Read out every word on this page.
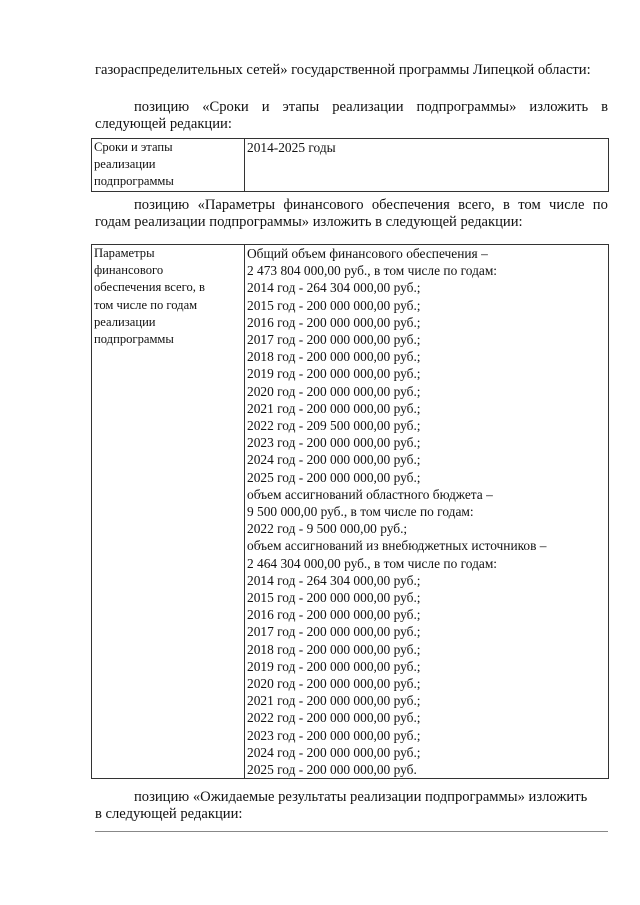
газораспределительных сетей» государственной программы Липецкой области:
позицию «Сроки и этапы реализации подпрограммы» изложить в
следующей редакции:
Сроки и этапы
реализации
подпрограммы

2014-2025 годы
позицию «Параметры финансового обеспечения всего, в том числе по
годам реализации подпрограммы» изложить в следующей редакции:
Параметры
финансового
обеспечения всего, в
том числе по годам
реализации
подпрограммы

Общий объем финансового обеспечения –
2 473 804 000,00 руб., в том числе по годам:
2014 год - 264 304 000,00 руб.;
2015 год - 200 000 000,00 руб.;
2016 год - 200 000 000,00 руб.;
2017 год - 200 000 000,00 руб.;
2018 год - 200 000 000,00 руб.;
2019 год - 200 000 000,00 руб.;
2020 год - 200 000 000,00 руб.;
2021 год - 200 000 000,00 руб.;
2022 год - 209 500 000,00 руб.;
2023 год - 200 000 000,00 руб.;
2024 год - 200 000 000,00 руб.;
2025 год - 200 000 000,00 руб.;
объем ассигнований областного бюджета –
9 500 000,00 руб., в том числе по годам:
2022 год - 9 500 000,00 руб.;
объем ассигнований из внебюджетных источников –
2 464 304 000,00 руб., в том числе по годам:
2014 год - 264 304 000,00 руб.;
2015 год - 200 000 000,00 руб.;
2016 год - 200 000 000,00 руб.;
2017 год - 200 000 000,00 руб.;
2018 год - 200 000 000,00 руб.;
2019 год - 200 000 000,00 руб.;
2020 год - 200 000 000,00 руб.;
2021 год - 200 000 000,00 руб.;
2022 год - 200 000 000,00 руб.;
2023 год - 200 000 000,00 руб.;
2024 год - 200 000 000,00 руб.;
2025 год - 200 000 000,00 руб.
позицию «Ожидаемые результаты реализации подпрограммы» изложить
в следующей редакции:
